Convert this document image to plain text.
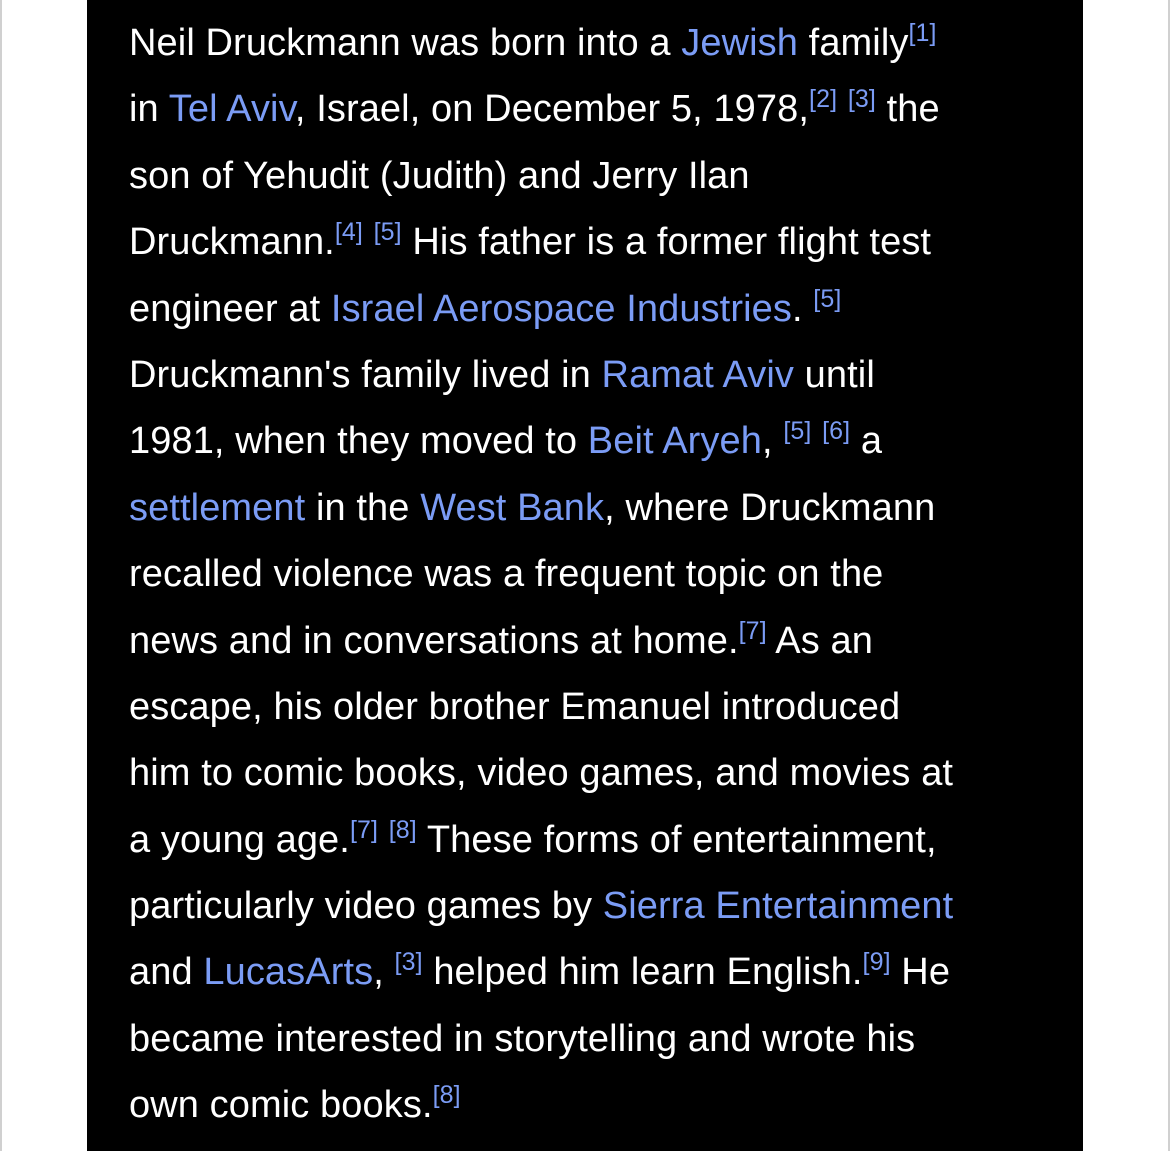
Neil Druckmann was born into a Jewish family[1]
in Tel Aviv, Israel, on December 5, 1978,[2] [3] the
son of Yehudit (Judith) and Jerry Ilan
Druckmann.[4] [5] His father is a former flight test
engineer at Israel Aerospace Industries. [5]
Druckmann's family lived in Ramat Aviv until
1981, when they moved to Beit Aryeh, [5] [6] a
settlement in the West Bank, where Druckmann
recalled violence was a frequent topic on the
news and in conversations at home.[7] As an
escape, his older brother Emanuel introduced
him to comic books, video games, and movies at
a young age.[7] [8] These forms of entertainment,
particularly video games by Sierra Entertainment
and LucasArts, [3] helped him learn English.[9] He
became interested in storytelling and wrote his
own comic books.[8]
